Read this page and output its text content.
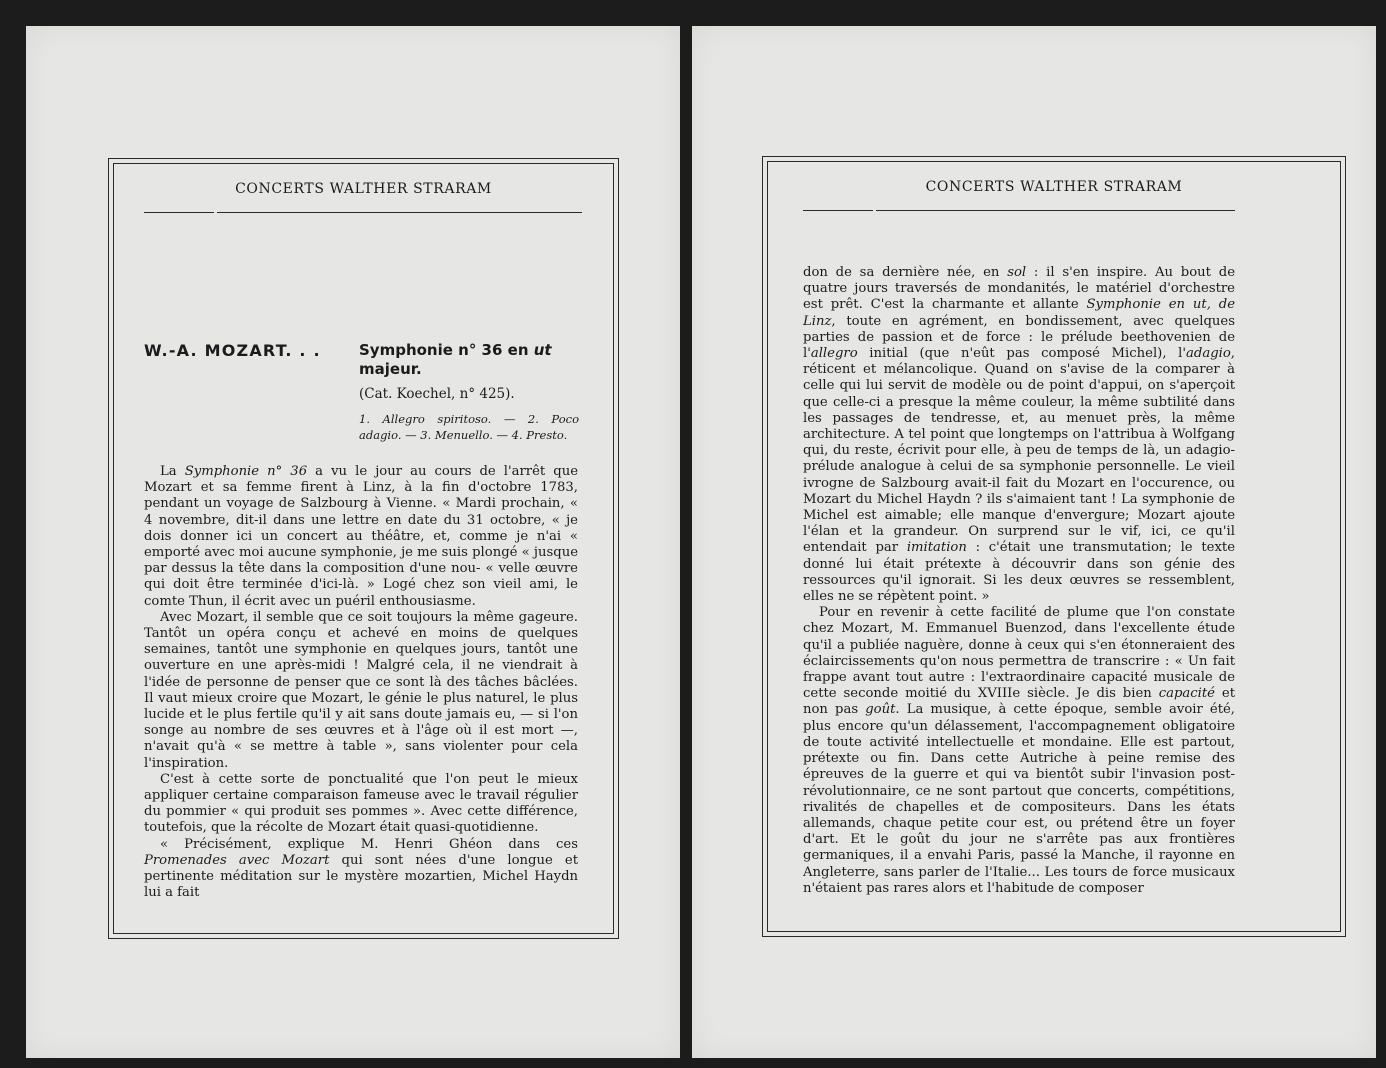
CONCERTS WALTHER STRARAM
W.-A. MOZART. . .	Symphonie n° 36 en ut majeur.
(Cat. Koechel, n° 425).
1. Allegro spiritoso. — 2. Poco adagio. — 3. Menuello. — 4. Presto.

La Symphonie n° 36 a vu le jour au cours de l'arrêt que Mozart et sa femme firent à Linz, à la fin d'octobre 1783, pendant un voyage de Salzbourg à Vienne. « Mardi prochain, « 4 novembre, dit-il dans une lettre en date du 31 octobre, « je dois donner ici un concert au théâtre, et, comme je n'ai « emporté avec moi aucune symphonie, je me suis plongé « jusque par dessus la tête dans la composition d'une nou- « velle œuvre qui doit être terminée d'ici-là. » Logé chez son vieil ami, le comte Thun, il écrit avec un puéril enthousiasme.

Avec Mozart, il semble que ce soit toujours la même gageure. Tantôt un opéra conçu et achevé en moins de quelques semaines, tantôt une symphonie en quelques jours, tantôt une ouverture en une après-midi ! Malgré cela, il ne viendrait à l'idée de personne de penser que ce sont là des tâches bâclées. Il vaut mieux croire que Mozart, le génie le plus naturel, le plus lucide et le plus fertile qu'il y ait sans doute jamais eu, — si l'on songe au nombre de ses œuvres et à l'âge où il est mort —, n'avait qu'à « se mettre à table », sans violenter pour cela l'inspiration.

C'est à cette sorte de ponctualité que l'on peut le mieux appliquer certaine comparaison fameuse avec le travail régulier du pommier « qui produit ses pommes ». Avec cette différence, toutefois, que la récolte de Mozart était quasi-quotidienne.

« Précisément, explique M. Henri Ghéon dans ces Promenades avec Mozart qui sont nées d'une longue et pertinente méditation sur le mystère mozartien, Michel Haydn lui a fait

CONCERTS WALTHER STRARAM

don de sa dernière née, en sol : il s'en inspire. Au bout de quatre jours traversés de mondanités, le matériel d'orchestre est prêt. C'est la charmante et allante Symphonie en ut, de Linz, toute en agrément, en bondissement, avec quelques parties de passion et de force : le prélude beethovenien de l'allegro initial (que n'eût pas composé Michel), l'adagio, réticent et mélancolique. Quand on s'avise de la comparer à celle qui lui servit de modèle ou de point d'appui, on s'aperçoit que celle-ci a presque la même couleur, la même subtilité dans les passages de tendresse, et, au menuet près, la même architecture. A tel point que longtemps on l'attribua à Wolfgang qui, du reste, écrivit pour elle, à peu de temps de là, un adagio-prélude analogue à celui de sa symphonie personnelle. Le vieil ivrogne de Salzbourg avait-il fait du Mozart en l'occurence, ou Mozart du Michel Haydn ? ils s'aimaient tant ! La symphonie de Michel est aimable; elle manque d'envergure; Mozart ajoute l'élan et la grandeur. On surprend sur le vif, ici, ce qu'il entendait par imitation : c'était une transmutation; le texte donné lui était prétexte à découvrir dans son génie des ressources qu'il ignorait. Si les deux œuvres se ressemblent, elles ne se répètent point. »

Pour en revenir à cette facilité de plume que l'on constate chez Mozart, M. Emmanuel Buenzod, dans l'excellente étude qu'il a publiée naguère, donne à ceux qui s'en étonneraient des éclaircissements qu'on nous permettra de transcrire : « Un fait frappe avant tout autre : l'extraordinaire capacité musicale de cette seconde moitié du XVIIIe siècle. Je dis bien capacité et non pas goût. La musique, à cette époque, semble avoir été, plus encore qu'un délassement, l'accompagnement obligatoire de toute activité intellectuelle et mondaine. Elle est partout, prétexte ou fin. Dans cette Autriche à peine remise des épreuves de la guerre et qui va bientôt subir l'invasion post-révolutionnaire, ce ne sont partout que concerts, compétitions, rivalités de chapelles et de compositeurs. Dans les états allemands, chaque petite cour est, ou prétend être un foyer d'art. Et le goût du jour ne s'arrête pas aux frontières germaniques, il a envahi Paris, passé la Manche, il rayonne en Angleterre, sans parler de l'Italie... Les tours de force musicaux n'étaient pas rares alors et l'habitude de composer
